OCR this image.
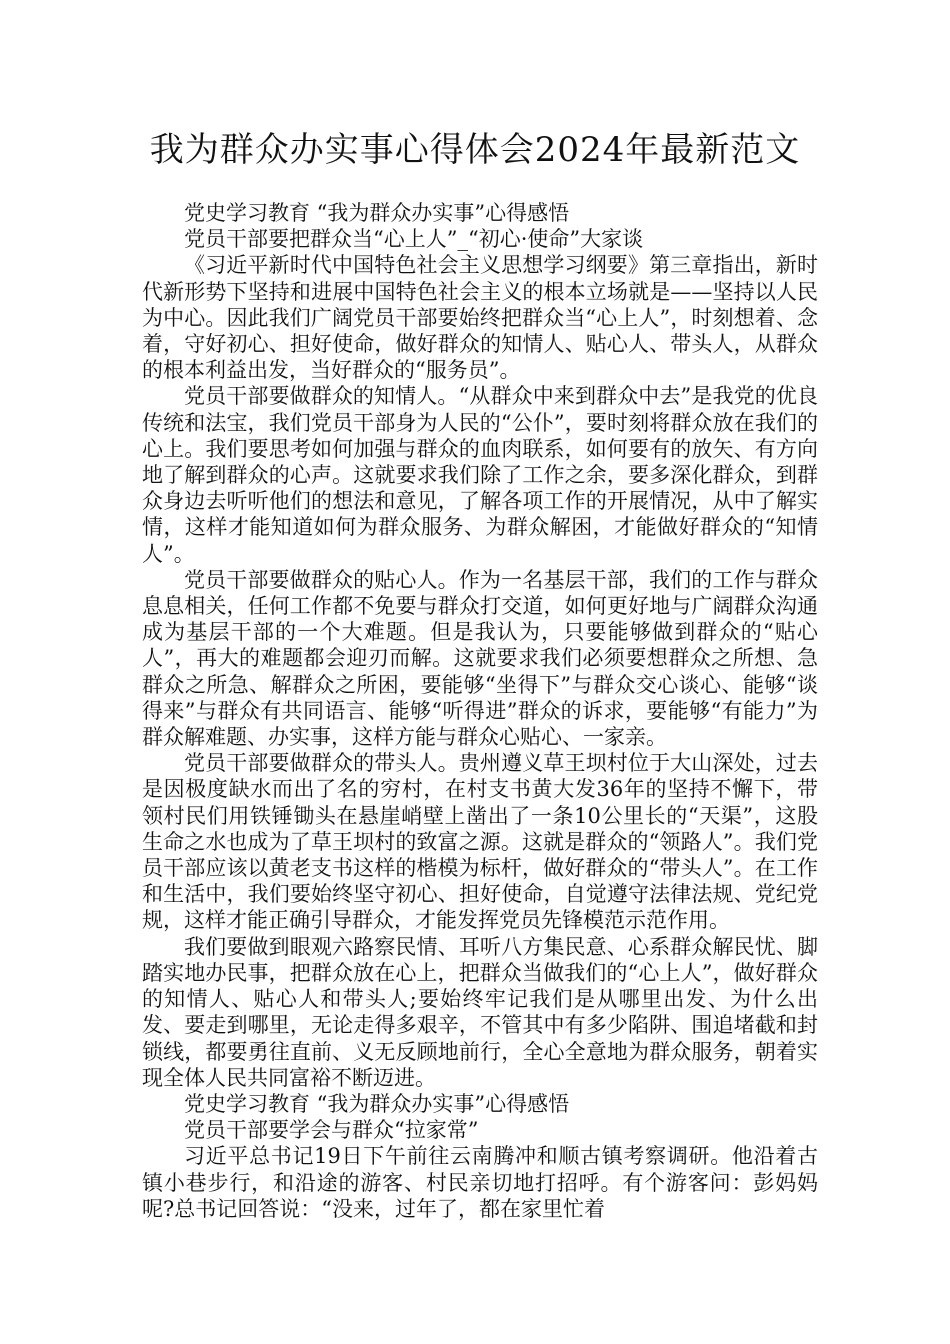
我为群众办实事心得体会2024年最新范文

党史学习教育 “我为群众办实事”心得感悟

党员干部要把群众当“心上人”_“初心·使命”大家谈

《习近平新时代中国特色社会主义思想学习纲要》第三章指出，新时代新形势下坚持和进展中国特色社会主义的根本立场就是——坚持以人民为中心。因此我们广阔党员干部要始终把群众当“心上人”，时刻想着、念着，守好初心、担好使命，做好群众的知情人、贴心人、带头人，从群众的根本利益出发，当好群众的“服务员”。

党员干部要做群众的知情人。“从群众中来到群众中去”是我党的优良传统和法宝，我们党员干部身为人民的“公仆”，要时刻将群众放在我们的心上。我们要思考如何加强与群众的血肉联系，如何要有的放矢、有方向地了解到群众的心声。这就要求我们除了工作之余，要多深化群众，到群众身边去听听他们的想法和意见，了解各项工作的开展情况，从中了解实情，这样才能知道如何为群众服务、为群众解困，才能做好群众的“知情人”。

党员干部要做群众的贴心人。作为一名基层干部，我们的工作与群众息息相关，任何工作都不免要与群众打交道，如何更好地与广阔群众沟通成为基层干部的一个大难题。但是我认为，只要能够做到群众的“贴心人”，再大的难题都会迎刃而解。这就要求我们必须要想群众之所想、急群众之所急、解群众之所困，要能够“坐得下”与群众交心谈心、能够“谈得来”与群众有共同语言、能够“听得进”群众的诉求，要能够“有能力”为群众解难题、办实事，这样方能与群众心贴心、一家亲。

党员干部要做群众的带头人。贵州遵义草王坝村位于大山深处，过去是因极度缺水而出了名的穷村，在村支书黄大发36年的坚持不懈下，带领村民们用铁锤锄头在悬崖峭壁上凿出了一条10公里长的“天渠”，这股生命之水也成为了草王坝村的致富之源。这就是群众的“领路人”。我们党员干部应该以黄老支书这样的楷模为标杆，做好群众的“带头人”。在工作和生活中，我们要始终坚守初心、担好使命，自觉遵守法律法规、党纪党规，这样才能正确引导群众，才能发挥党员先锋模范示范作用。

我们要做到眼观六路察民情、耳听八方集民意、心系群众解民忧、脚踏实地办民事，把群众放在心上，把群众当做我们的“心上人”，做好群众的知情人、贴心人和带头人;要始终牢记我们是从哪里出发、为什么出发、要走到哪里，无论走得多艰辛，不管其中有多少陷阱、围追堵截和封锁线，都要勇往直前、义无反顾地前行，全心全意地为群众服务，朝着实现全体人民共同富裕不断迈进。

党史学习教育 “我为群众办实事”心得感悟

党员干部要学会与群众“拉家常”

习近平总书记19日下午前往云南腾冲和顺古镇考察调研。他沿着古镇小巷步行，和沿途的游客、村民亲切地打招呼。有个游客问：彭妈妈呢?总书记回答说：“没来，过年了，都在家里忙着
